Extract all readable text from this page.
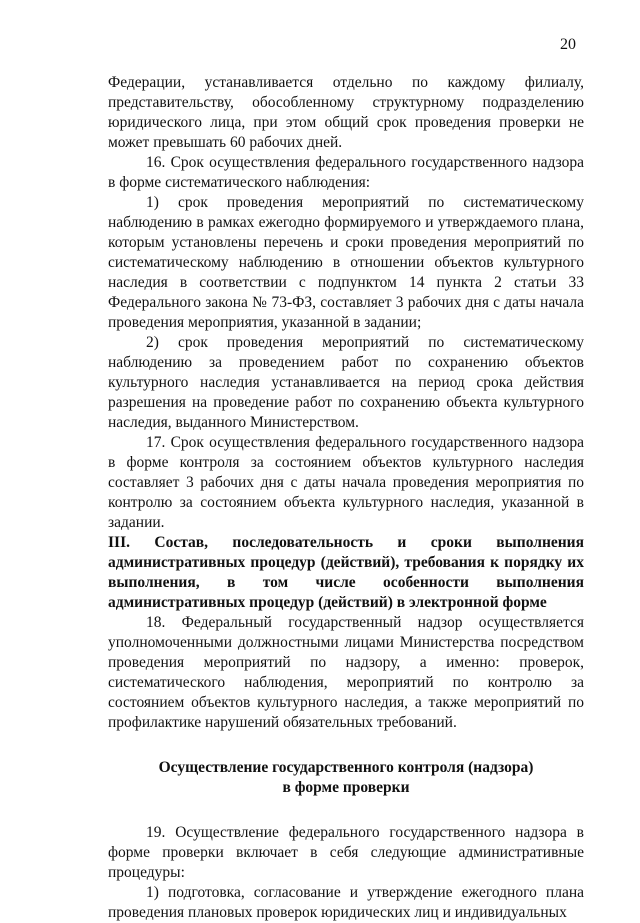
20

Федерации, устанавливается отдельно по каждому филиалу, представительству, обособленному структурному подразделению юридического лица, при этом общий срок проведения проверки не может превышать 60 рабочих дней.

16. Срок осуществления федерального государственного надзора в форме систематического наблюдения:

1) срок проведения мероприятий по систематическому наблюдению в рамках ежегодно формируемого и утверждаемого плана, которым установлены перечень и сроки проведения мероприятий по систематическому наблюдению в отношении объектов культурного наследия в соответствии с подпунктом 14 пункта 2 статьи 33 Федерального закона № 73-ФЗ, составляет 3 рабочих дня с даты начала проведения мероприятия, указанной в задании;

2) срок проведения мероприятий по систематическому наблюдению за проведением работ по сохранению объектов культурного наследия устанавливается на период срока действия разрешения на проведение работ по сохранению объекта культурного наследия, выданного Министерством.

17. Срок осуществления федерального государственного надзора в форме контроля за состоянием объектов культурного наследия составляет 3 рабочих дня с даты начала проведения мероприятия по контролю за состоянием объекта культурного наследия, указанной в задании.

III. Состав, последовательность и сроки выполнения административных процедур (действий), требования к порядку их выполнения, в том числе особенности выполнения административных процедур (действий) в электронной форме

18. Федеральный государственный надзор осуществляется уполномоченными должностными лицами Министерства посредством проведения мероприятий по надзору, а именно: проверок, систематического наблюдения, мероприятий по контролю за состоянием объектов культурного наследия, а также мероприятий по профилактике нарушений обязательных требований.

Осуществление государственного контроля (надзора)
в форме проверки

19. Осуществление федерального государственного надзора в форме проверки включает в себя следующие административные процедуры:

1) подготовка, согласование и утверждение ежегодного плана проведения плановых проверок юридических лиц и индивидуальных
